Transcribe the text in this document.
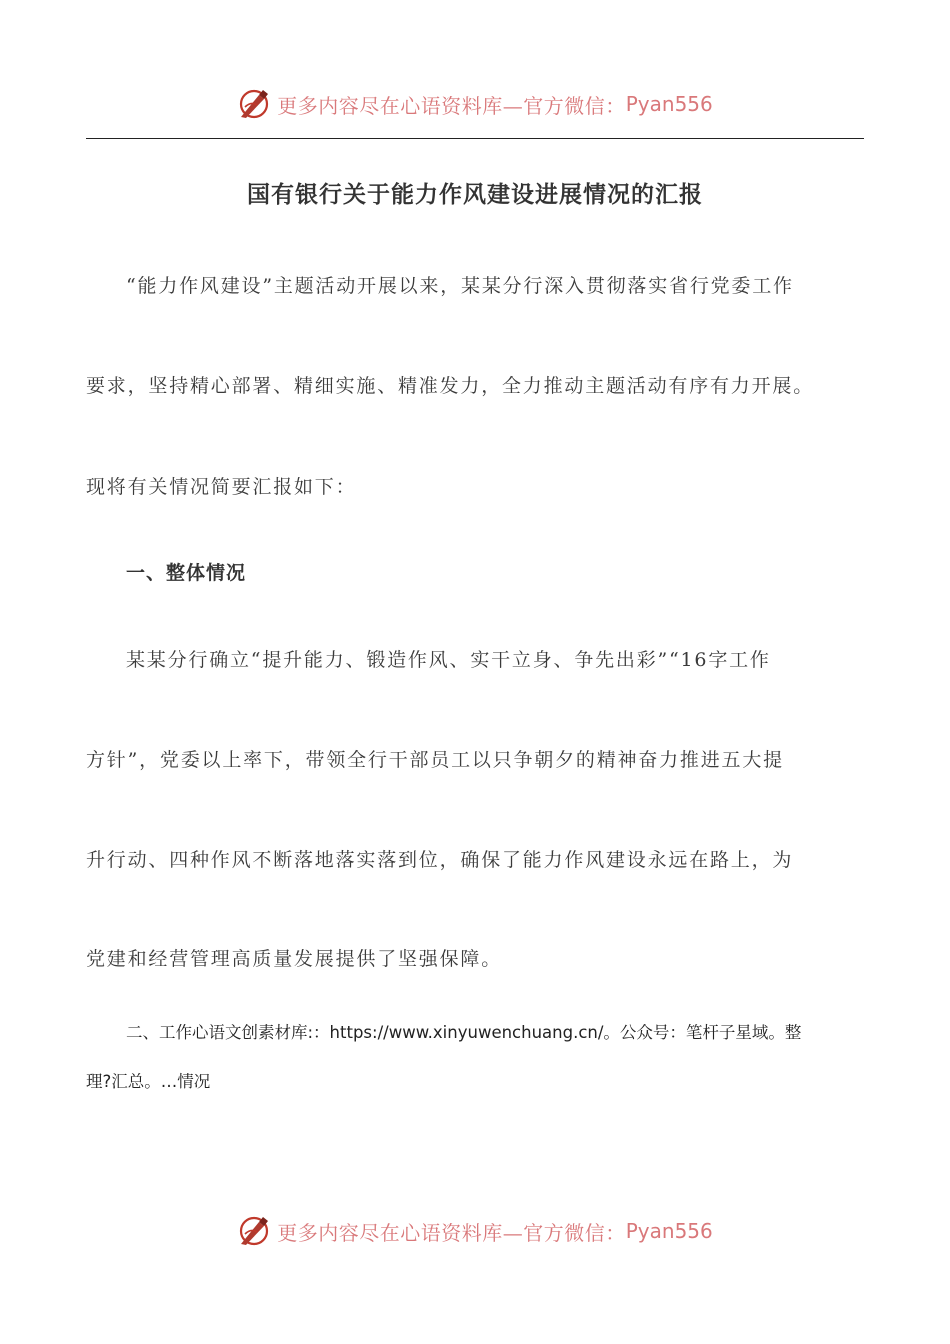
更多内容尽在心语资料库—官方微信： Pyan556
国有银行关于能力作风建设进展情况的汇报
“能力作风建设”主题活动开展以来，某某分行深入贯彻落实省行党委工作
要求，坚持精心部署、精细实施、精准发力，全力推动主题活动有序有力开展。
现将有关情况简要汇报如下：
一、整体情况
某某分行确立“提升能力、锻造作风、实干立身、争先出彩”“16字工作
方针”，党委以上率下，带领全行干部员工以只争朝夕的精神奋力推进五大提
升行动、四种作风不断落地落实落到位，确保了能力作风建设永远在路上，为
党建和经营管理高质量发展提供了坚强保障。
二、工作心语文创素材库:：https://www.xinyuwenchuang.cn/。公众号：笔杆子星域。整
理?汇总。…情况
更多内容尽在心语资料库—官方微信： Pyan556
